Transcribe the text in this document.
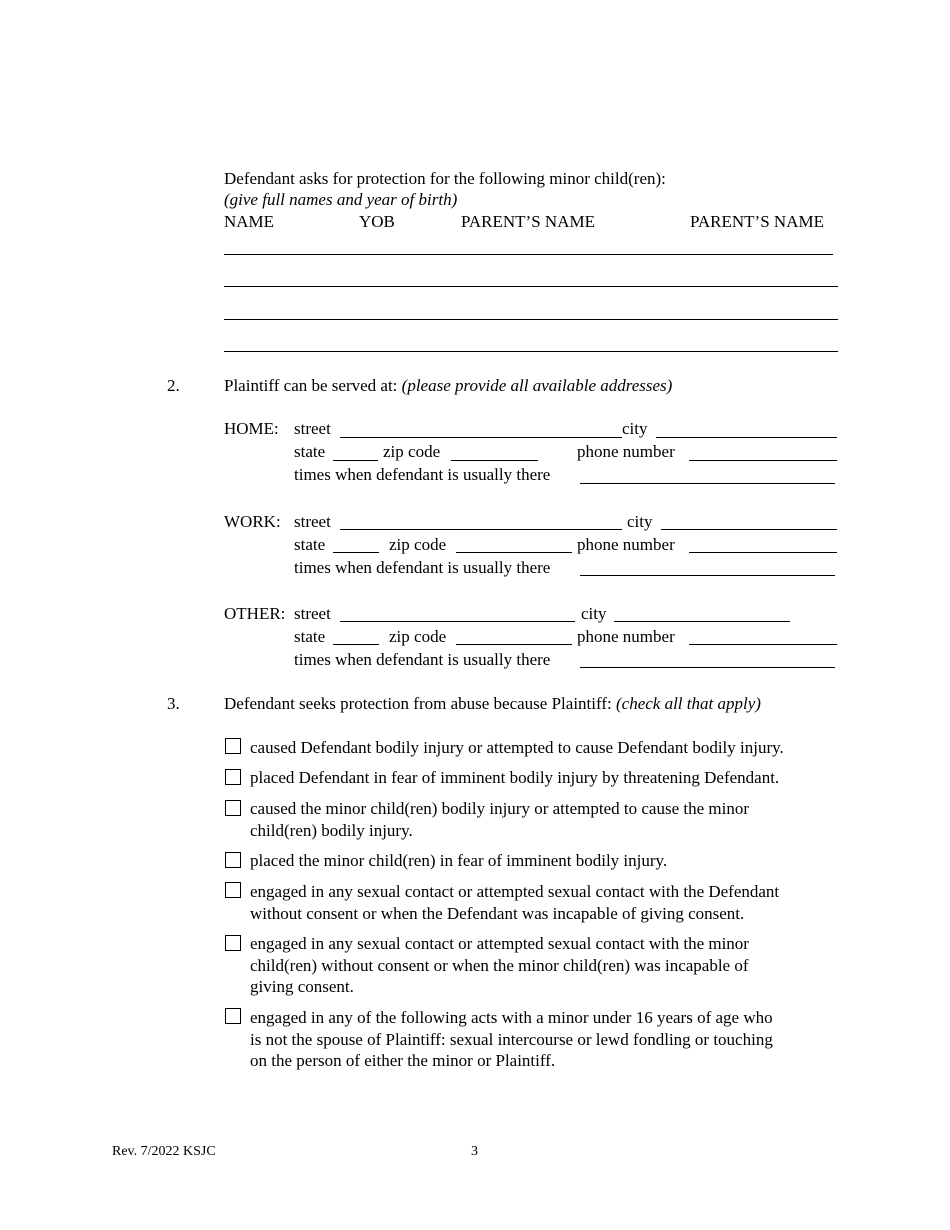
Defendant asks for protection for the following minor child(ren):
(give full names and year of birth)
NAME	YOB	PARENT’S NAME	PARENT’S NAME
2.	Plaintiff can be served at: (please provide all available addresses)
HOME: street	city
state	zip code	phone number
times when defendant is usually there
WORK: street	city
state	zip code	phone number
times when defendant is usually there
OTHER: street	city
state	zip code	phone number
times when defendant is usually there
3.	Defendant seeks protection from abuse because Plaintiff: (check all that apply)
caused Defendant bodily injury or attempted to cause Defendant bodily injury.
placed Defendant in fear of imminent bodily injury by threatening Defendant.
caused the minor child(ren) bodily injury or attempted to cause the minor
child(ren) bodily injury.
placed the minor child(ren) in fear of imminent bodily injury.
engaged in any sexual contact or attempted sexual contact with the Defendant
without consent or when the Defendant was incapable of giving consent.
engaged in any sexual contact or attempted sexual contact with the minor
child(ren) without consent or when the minor child(ren) was incapable of
giving consent.
engaged in any of the following acts with a minor under 16 years of age who
is not the spouse of Plaintiff: sexual intercourse or lewd fondling or touching
on the person of either the minor or Plaintiff.
Rev. 7/2022 KSJC	3
